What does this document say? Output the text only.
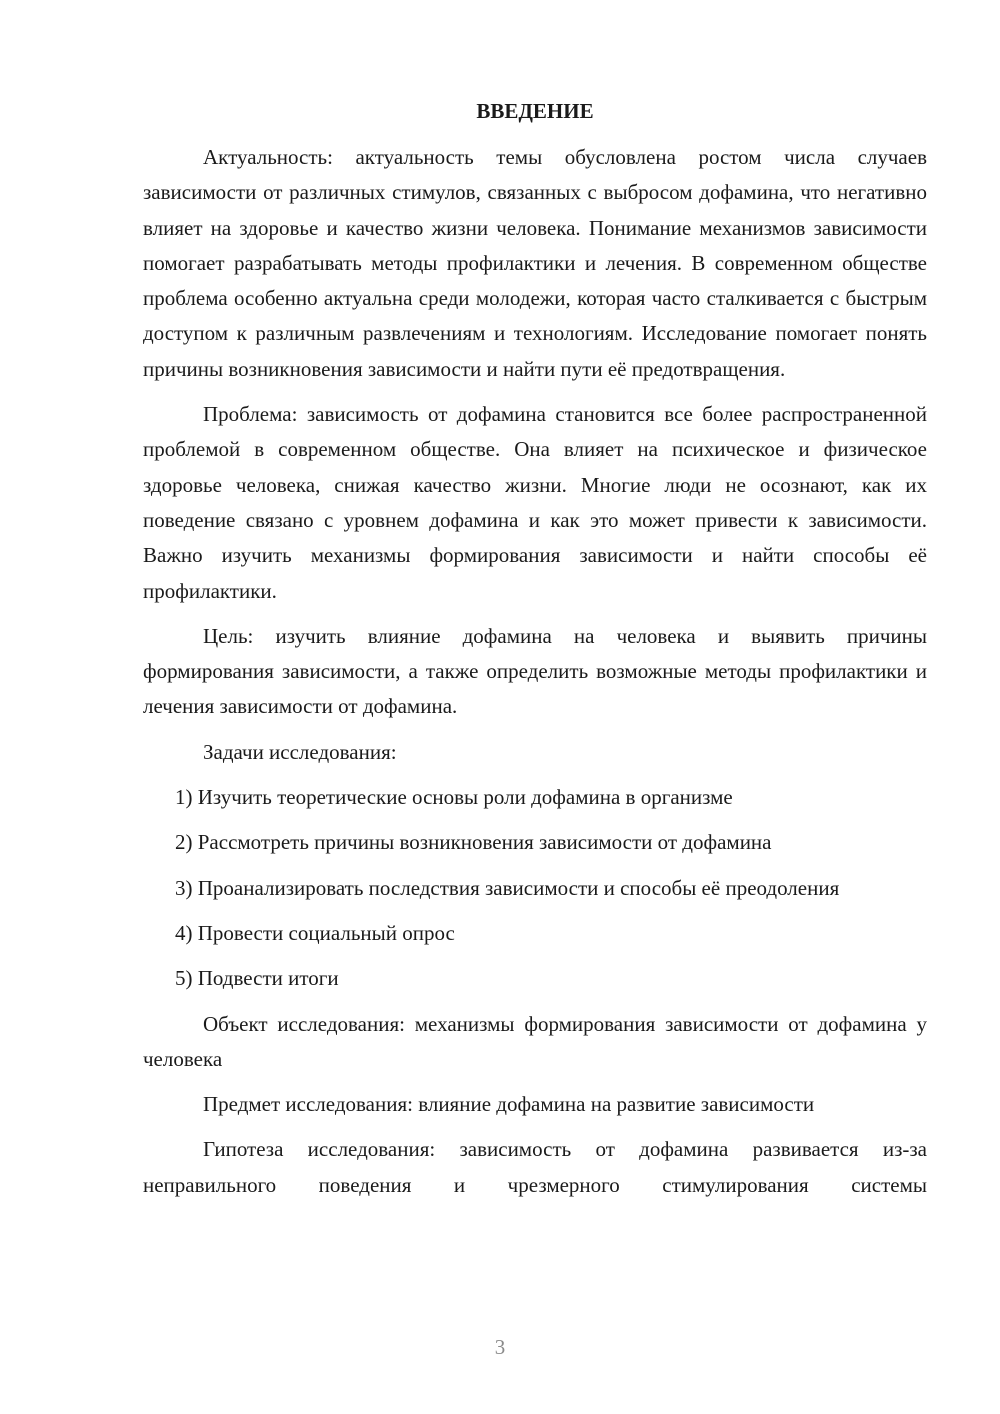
ВВЕДЕНИЕ

Актуальность: актуальность темы обусловлена ростом числа случаев зависимости от различных стимулов, связанных с выбросом дофамина, что негативно влияет на здоровье и качество жизни человека. Понимание механизмов зависимости помогает разрабатывать методы профилактики и лечения. В современном обществе проблема особенно актуальна среди молодежи, которая часто сталкивается с быстрым доступом к различным развлечениям и технологиям. Исследование помогает понять причины возникновения зависимости и найти пути её предотвращения.

Проблема: зависимость от дофамина становится все более распространенной проблемой в современном обществе. Она влияет на психическое и физическое здоровье человека, снижая качество жизни. Многие люди не осознают, как их поведение связано с уровнем дофамина и как это может привести к зависимости. Важно изучить механизмы формирования зависимости и найти способы её профилактики.

Цель: изучить влияние дофамина на человека и выявить причины формирования зависимости, а также определить возможные методы профилактики и лечения зависимости от дофамина.

Задачи исследования:

1) Изучить теоретические основы роли дофамина в организме

2) Рассмотреть причины возникновения зависимости от дофамина

3) Проанализировать последствия зависимости и способы её преодоления

4) Провести социальный опрос

5) Подвести итоги

Объект исследования: механизмы формирования зависимости от дофамина у человека

Предмет исследования: влияние дофамина на развитие зависимости

Гипотеза исследования: зависимость от дофамина развивается из-за неправильного поведения и чрезмерного стимулирования системы

3
